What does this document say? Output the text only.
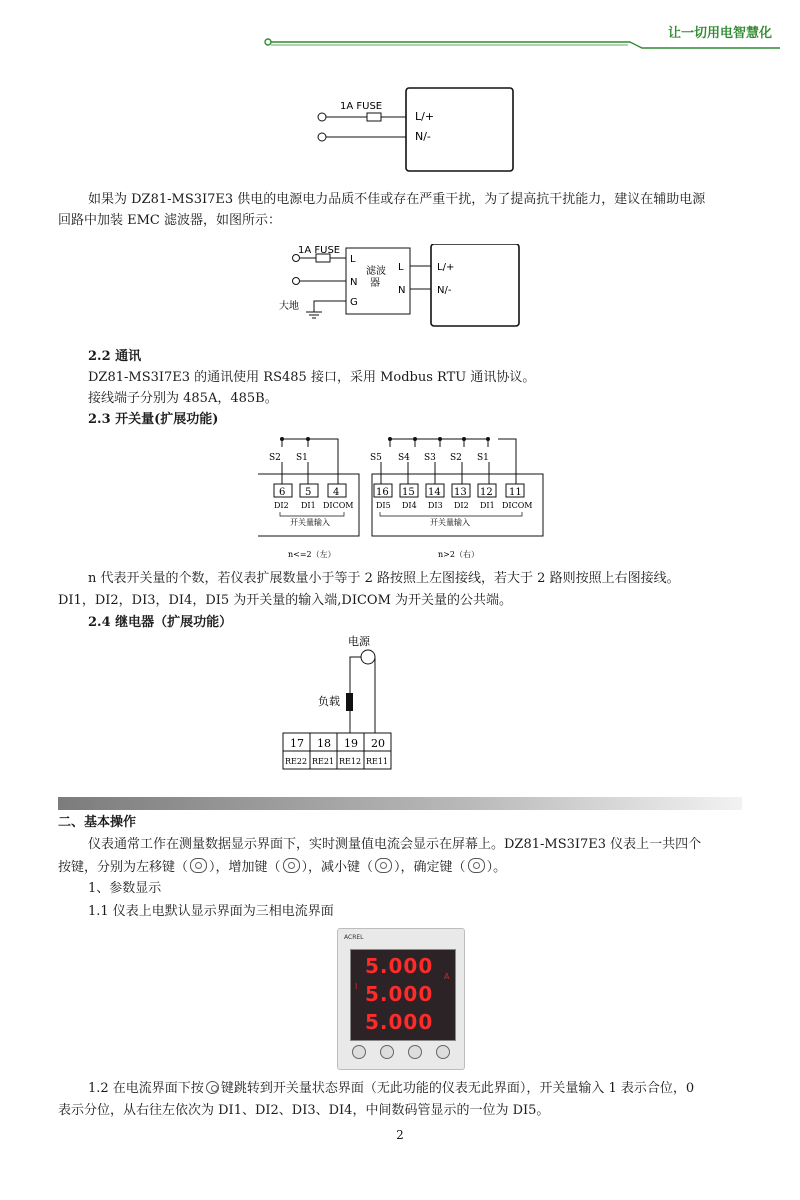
让一切用电智慧化
1A FUSE
L/+
N/-
如果为 DZ81-MS3I7E3 供电的电源电力品质不佳或存在严重干扰，为了提高抗干扰能力，建议在辅助电源
回路中加装 EMC 滤波器，如图所示：
1A FUSE
大地
L
N
G
滤波
器
L
N
L/+
N/-
2.2 通讯
DZ81-MS3I7E3 的通讯使用 RS485 接口，采用 Modbus RTU 通讯协议。
接线端子分别为 485A，485B。
2.3 开关量(扩展功能)
S2 S1
6 5 4
DI2 DI1 DICOM
开关量输入
n<=2（左）
S5 S4 S3 S2 S1
16 15 14 13 12 11
DI5 DI4 DI3 DI2 DI1 DICOM
开关量输入
n>2（右）
n 代表开关量的个数，若仪表扩展数量小于等于 2 路按照上左图接线，若大于 2 路则按照上右图接线。
DI1，DI2，DI3，DI4，DI5 为开关量的输入端,DICOM 为开关量的公共端。
2.4 继电器（扩展功能）
电源
负载
17 18 19 20
RE22 RE21 RE12 RE11
二、基本操作
仪表通常工作在测量数据显示界面下，实时测量值电流会显示在屏幕上。DZ81-MS3I7E3 仪表上一共四个
按键，分别为左移键（ ），增加键（ ），减小键（ ），确定键（ ）。
1、参数显示
1.1 仪表上电默认显示界面为三相电流界面
ACREL
I
A
5.000
5.000
5.000
1.2 在电流界面下按 键跳转到开关量状态界面（无此功能的仪表无此界面），开关量输入 1 表示合位，0
表示分位，从右往左依次为 DI1、DI2、DI3、DI4，中间数码管显示的一位为 DI5。
2
